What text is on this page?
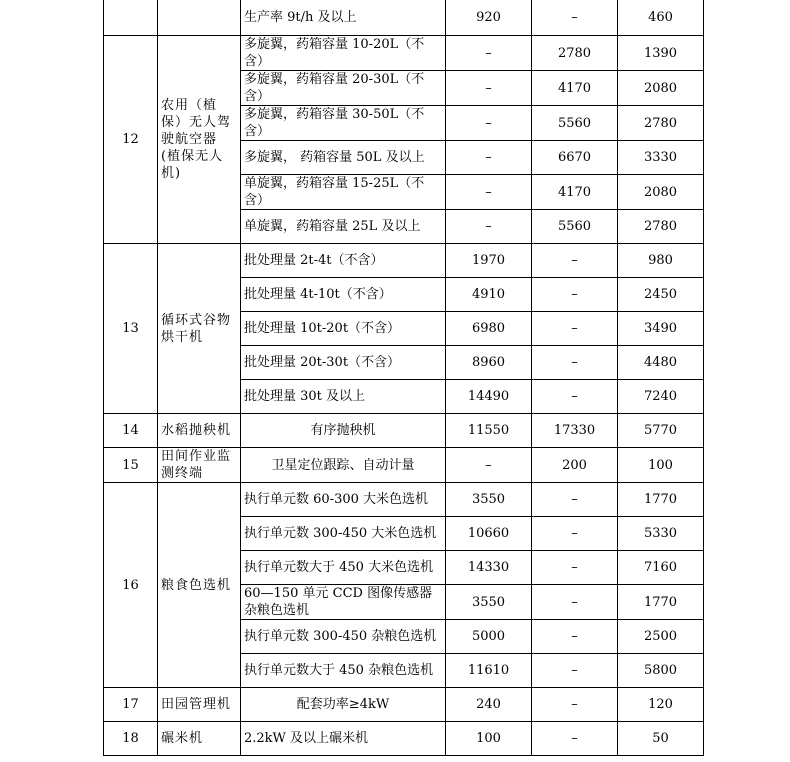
		生产率 9t/h 及以上	920	–	460
12	农用（植保）无人驾驶航空器(植保无人机)	多旋翼，药箱容量 10-20L（不含）	–	2780	1390
		多旋翼，药箱容量 20-30L（不含）	–	4170	2080
		多旋翼，药箱容量 30-50L（不含）	–	5560	2780
		多旋翼， 药箱容量 50L 及以上	–	6670	3330
		单旋翼，药箱容量 15-25L（不含）	–	4170	2080
		单旋翼，药箱容量 25L 及以上	–	5560	2780
13	循环式谷物烘干机	批处理量 2t-4t（不含）	1970	–	980
		批处理量 4t-10t（不含）	4910	–	2450
		批处理量 10t-20t（不含）	6980	–	3490
		批处理量 20t-30t（不含）	8960	–	4480
		批处理量 30t 及以上	14490	–	7240
14	水稻抛秧机	有序抛秧机	11550	17330	5770
15	田间作业监测终端	卫星定位跟踪、自动计量	–	200	100
16	粮食色选机	执行单元数 60-300 大米色选机	3550	–	1770
		执行单元数 300-450 大米色选机	10660	–	5330
		执行单元数大于 450 大米色选机	14330	–	7160
		60—150 单元 CCD 图像传感器杂粮色选机	3550	–	1770
		执行单元数 300-450 杂粮色选机	5000	–	2500
		执行单元数大于 450 杂粮色选机	11610	–	5800
17	田园管理机	配套功率≥4kW	240	–	120
18	碾米机	2.2kW 及以上碾米机	100	–	50
